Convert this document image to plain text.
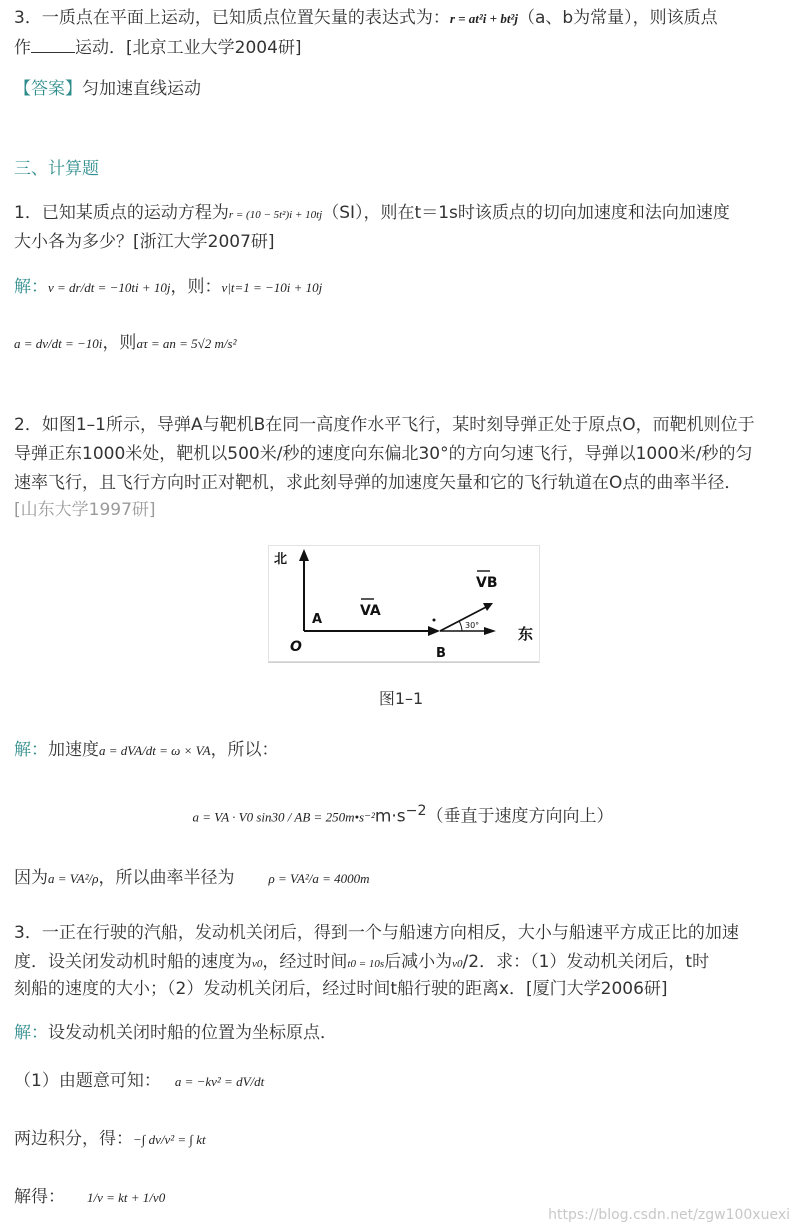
3．一质点在平面上运动，已知质点位置矢量的表达式为：r = at²i + bt²j（a、b为常量），则该质点

作	运动．[北京工业大学2004研]

【答案】匀加速直线运动

三、计算题

1．已知某质点的运动方程为r = (10 − 5t²)i + 10tj（SI），则在t＝1s时该质点的切向加速度和法向加速度

大小各为多少？[浙江大学2007研]

解：v = dr/dt = −10ti + 10j，则：v|t=1 = −10i + 10j

a = dv/dt = −10i，则aτ = an = 5√2 m/s²

2．如图1–1所示，导弹A与靶机B在同一高度作水平飞行，某时刻导弹正处于原点O，而靶机则位于

导弹正东1000米处，靶机以500米/秒的速度向东偏北30°的方向匀速飞行，导弹以1000米/秒的匀

速率飞行，且飞行方向时正对靶机，求此刻导弹的加速度矢量和它的飞行轨道在O点的曲率半径．

[山东大学1997研]

北
A
O	B
VA
VB
30°	东
图1–1

解：加速度a = dVA/dt = ω × VA，所以：

a = VA · V0 sin30 / AB = $250m•s^{-2}m\cdot s^{-2}$（垂直于速度方向向上）

因为a = VA²/ρ，所以曲率半径为	ρ = VA²/a = 4000m

3．一正在行驶的汽船，发动机关闭后，得到一个与船速方向相反，大小与船速平方成正比的加速

度．设关闭发动机时船的速度为v0，经过时间t0 = 10s后减小为v0/2．求：（1）发动机关闭后，t时

刻船的速度的大小；（2）发动机关闭后，经过时间t船行驶的距离x．[厦门大学2006研]

解：设发动机关闭时船的位置为坐标原点．

（1）由题意可知： a = −kv² = dV/dt

两边积分，得：−∫ dv/v² = ∫ kt

解得： 1/v = kt + 1/v0

https://blog.csdn.net/zgw100xuexi
